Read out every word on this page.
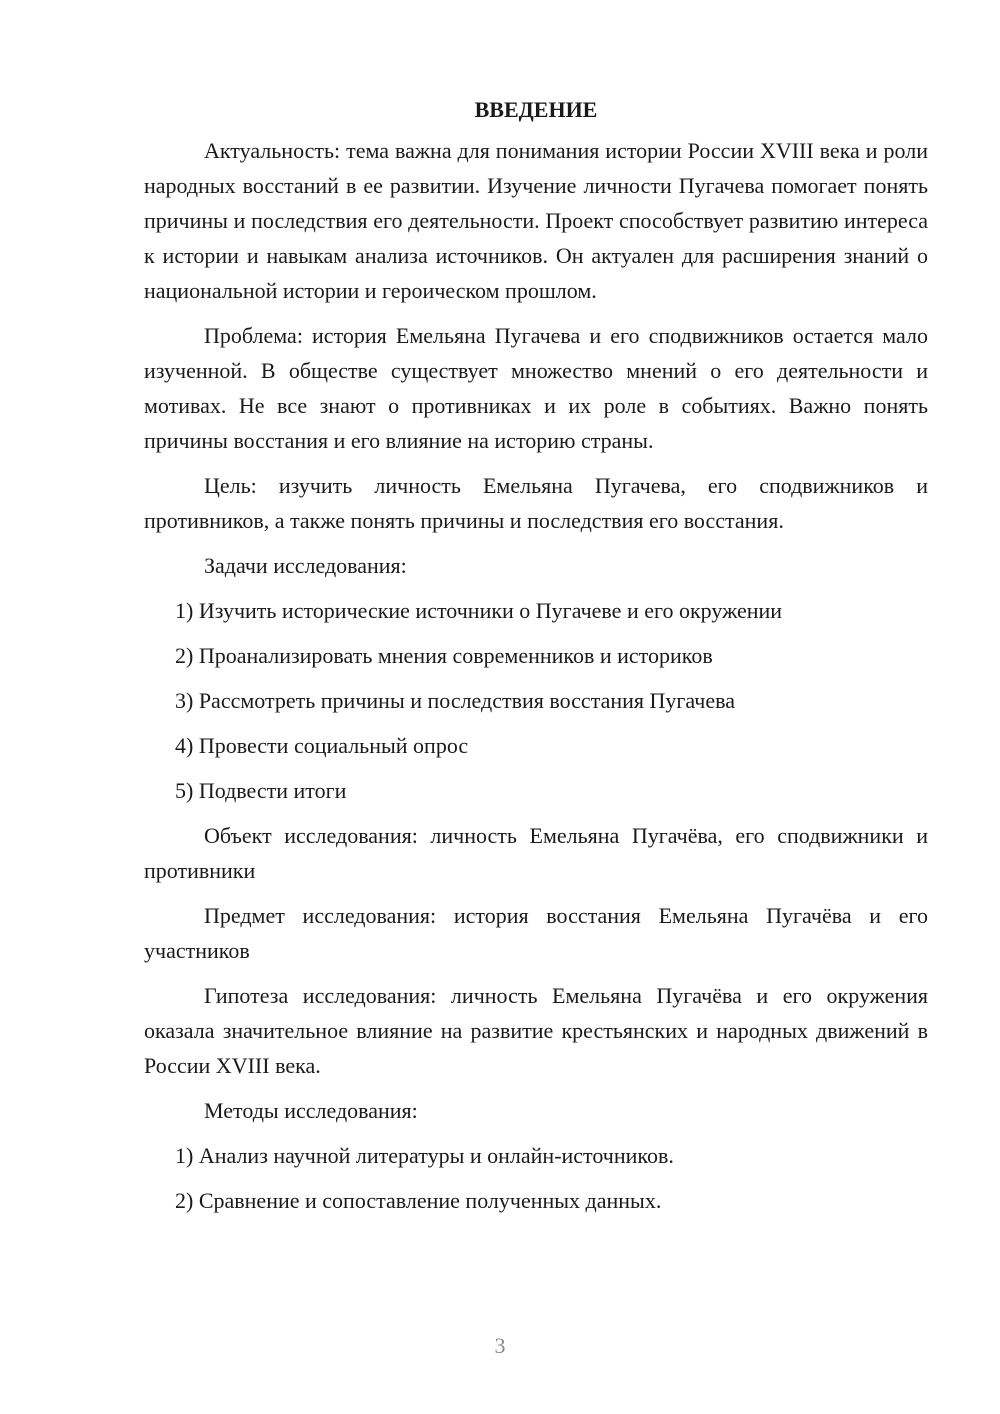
ВВЕДЕНИЕ

Актуальность: тема важна для понимания истории России XVIII века и роли народных восстаний в ее развитии. Изучение личности Пугачева помогает понять причины и последствия его деятельности. Проект способствует развитию интереса к истории и навыкам анализа источников. Он актуален для расширения знаний о национальной истории и героическом прошлом.

Проблема: история Емельяна Пугачева и его сподвижников остается мало изученной. В обществе существует множество мнений о его деятельности и мотивах. Не все знают о противниках и их роле в событиях. Важно понять причины восстания и его влияние на историю страны.

Цель: изучить личность Емельяна Пугачева, его сподвижников и противников, а также понять причины и последствия его восстания.

Задачи исследования:

1) Изучить исторические источники о Пугачеве и его окружении
2) Проанализировать мнения современников и историков
3) Рассмотреть причины и последствия восстания Пугачева
4) Провести социальный опрос
5) Подвести итоги

Объект исследования: личность Емельяна Пугачёва, его сподвижники и противники

Предмет исследования: история восстания Емельяна Пугачёва и его участников

Гипотеза исследования: личность Емельяна Пугачёва и его окружения оказала значительное влияние на развитие крестьянских и народных движений в России XVIII века.

Методы исследования:

1) Анализ научной литературы и онлайн-источников.
2) Сравнение и сопоставление полученных данных.
3
